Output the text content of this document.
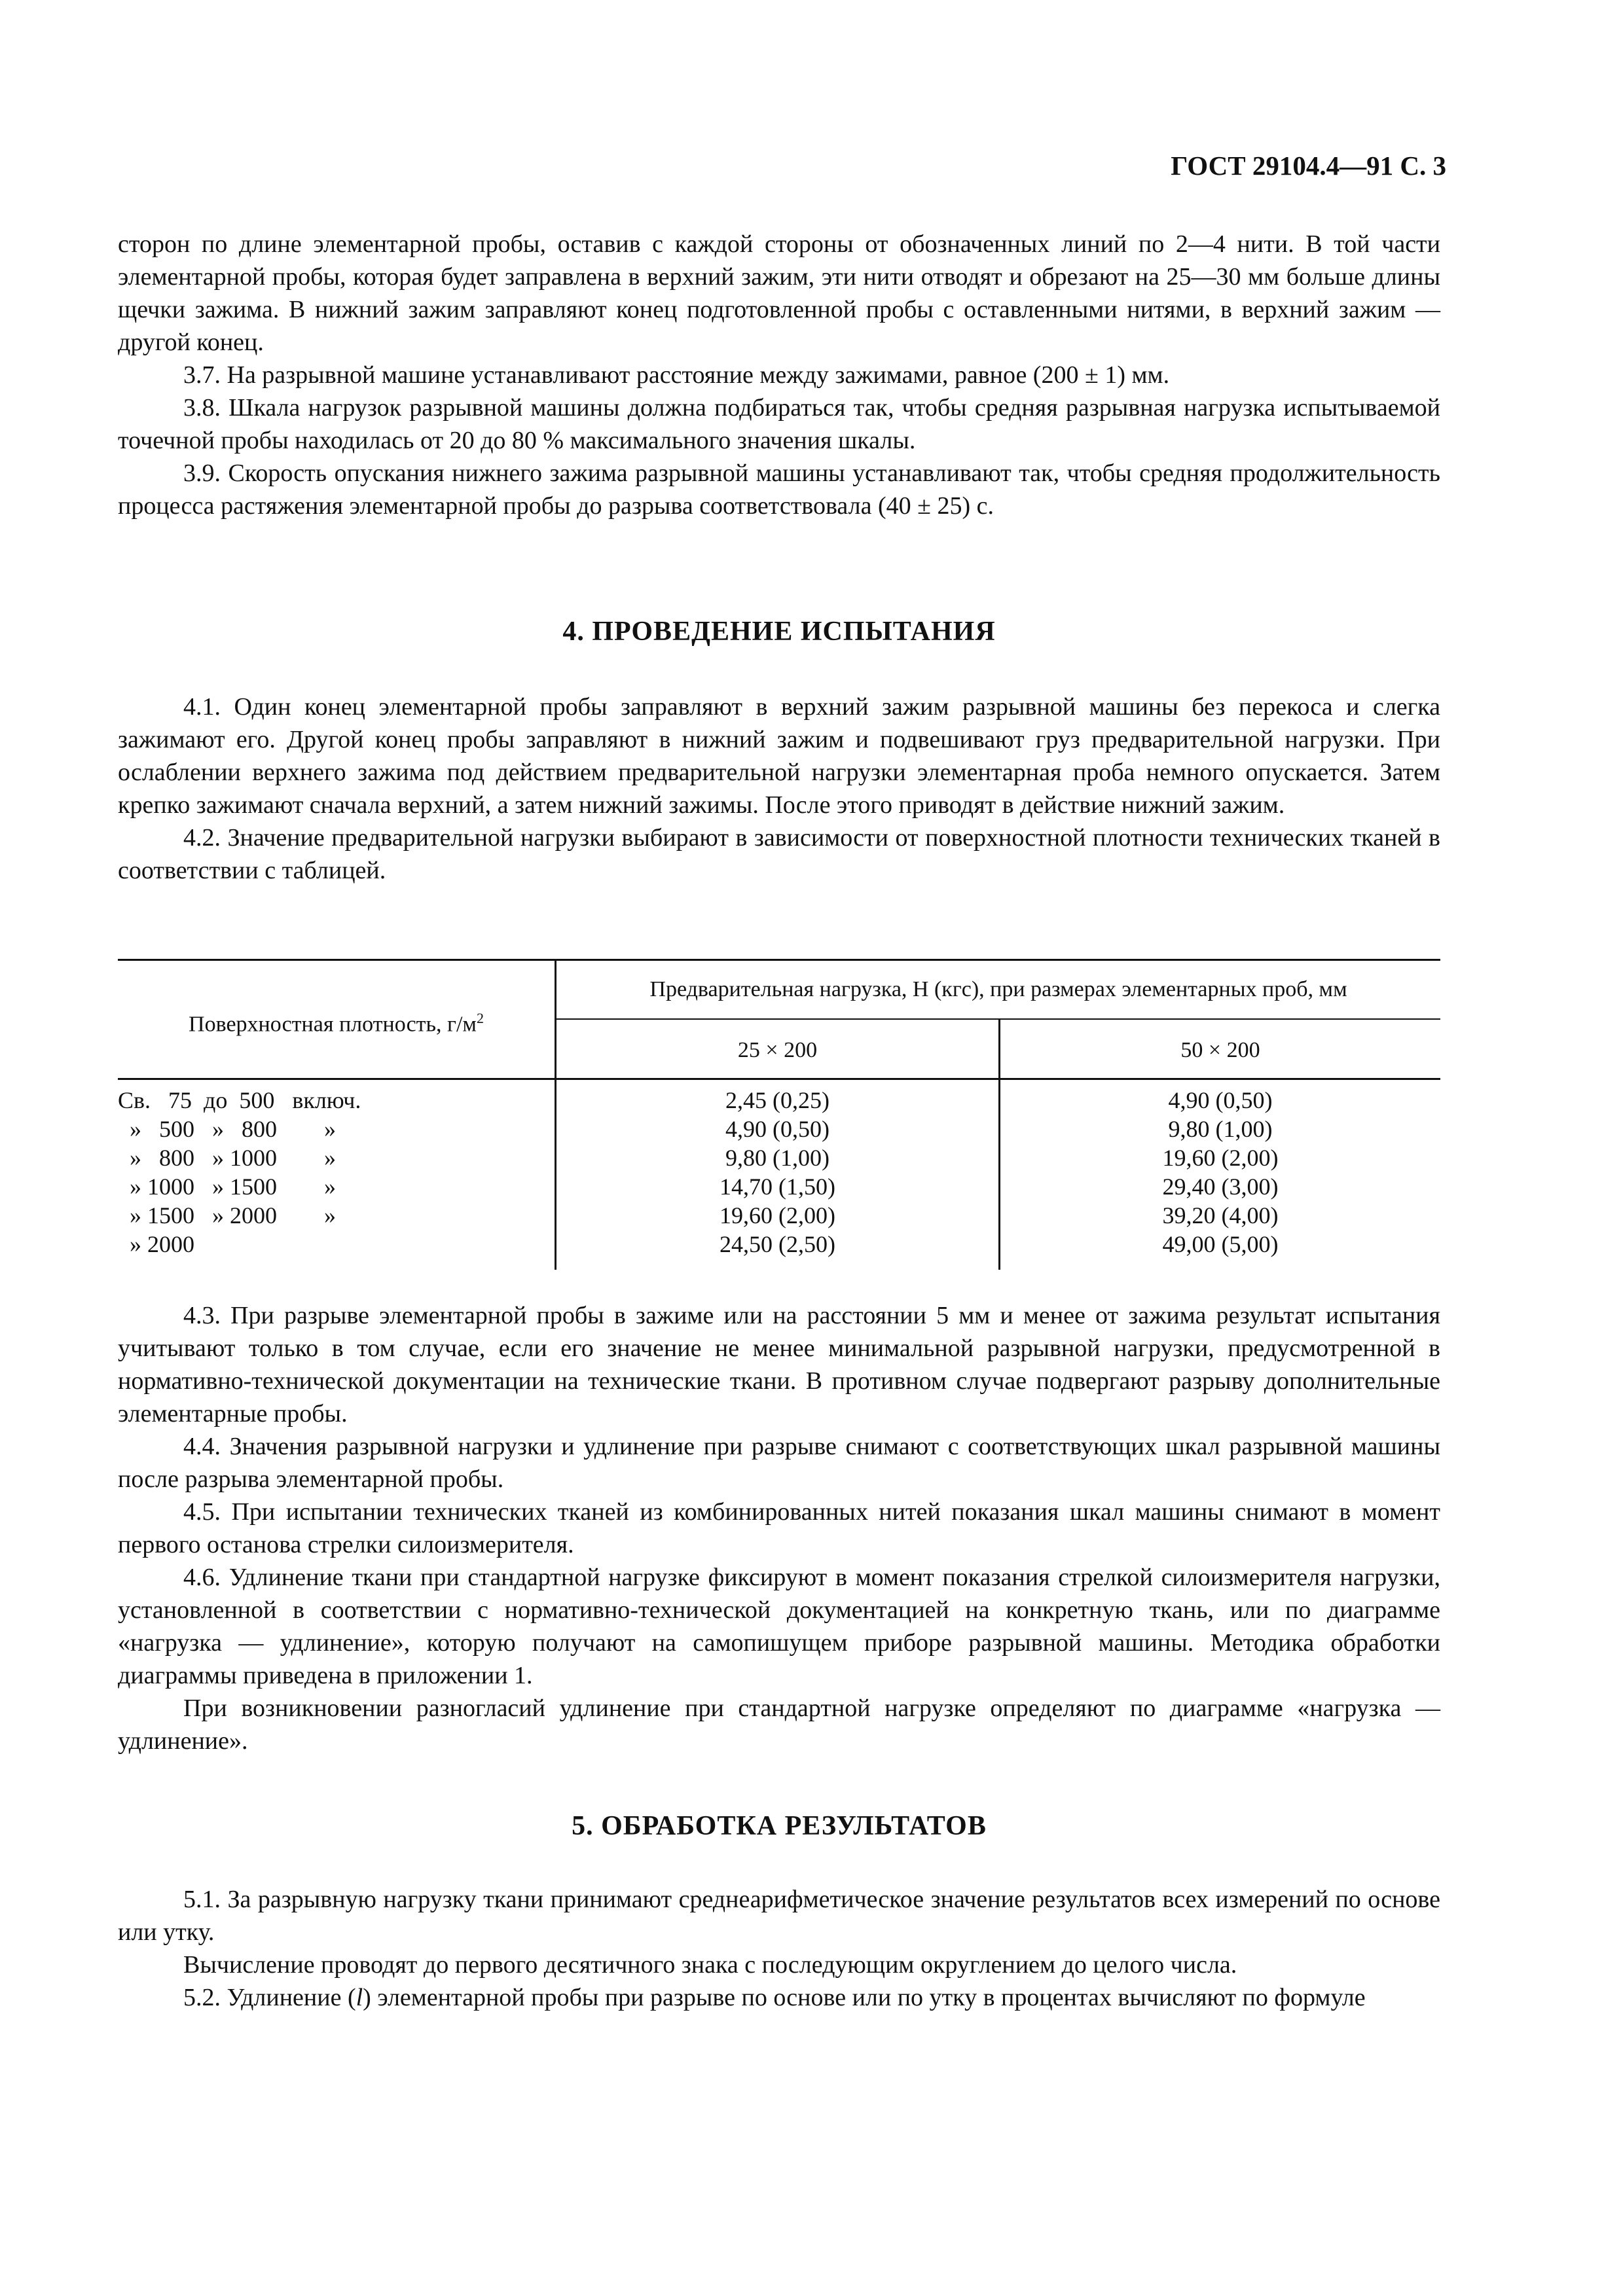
ГОСТ 29104.4—91 С. 3

сторон по длине элементарной пробы, оставив с каждой стороны от обозначенных линий по 2—4 нити. В той части элементарной пробы, которая будет заправлена в верхний зажим, эти нити отводят и обрезают на 25—30 мм больше длины щечки зажима. В нижний зажим заправляют конец подготовленной пробы с оставленными нитями, в верхний зажим — другой конец.

3.7. На разрывной машине устанавливают расстояние между зажимами, равное (200 ± 1) мм.

3.8. Шкала нагрузок разрывной машины должна подбираться так, чтобы средняя разрывная нагрузка испытываемой точечной пробы находилась от 20 до 80 % максимального значения шкалы.

3.9. Скорость опускания нижнего зажима разрывной машины устанавливают так, чтобы средняя продолжительность процесса растяжения элементарной пробы до разрыва соответствовала (40 ± 25) с.

4. ПРОВЕДЕНИЕ ИСПЫТАНИЯ

4.1. Один конец элементарной пробы заправляют в верхний зажим разрывной машины без перекоса и слегка зажимают его. Другой конец пробы заправляют в нижний зажим и подвешивают груз предварительной нагрузки. При ослаблении верхнего зажима под действием предварительной нагрузки элементарная проба немного опускается. Затем крепко зажимают сначала верхний, а затем нижний зажимы. После этого приводят в действие нижний зажим.

4.2. Значение предварительной нагрузки выбирают в зависимости от поверхностной плотности технических тканей в соответствии с таблицей.

Поверхностная плотность, $г/м^2$
Предварительная нагрузка, Н (кгс), при размерах элементарных проб, мм
25 × 200	50 × 200
Св.   75  до  500   включ.
»   500   »   800        »
»   800   » 1000        »
» 1000   » 1500        »
» 1500   » 2000        »
» 2000
2,45 (0,25)
4,90 (0,50)
9,80 (1,00)
14,70 (1,50)
19,60 (2,00)
24,50 (2,50)
4,90 (0,50)
9,80 (1,00)
19,60 (2,00)
29,40 (3,00)
39,20 (4,00)
49,00 (5,00)

4.3. При разрыве элементарной пробы в зажиме или на расстоянии 5 мм и менее от зажима результат испытания учитывают только в том случае, если его значение не менее минимальной разрывной нагрузки, предусмотренной в нормативно-технической документации на технические ткани. В противном случае подвергают разрыву дополнительные элементарные пробы.

4.4. Значения разрывной нагрузки и удлинение при разрыве снимают с соответствующих шкал разрывной машины после разрыва элементарной пробы.

4.5. При испытании технических тканей из комбинированных нитей показания шкал машины снимают в момент первого останова стрелки силоизмерителя.

4.6. Удлинение ткани при стандартной нагрузке фиксируют в момент показания стрелкой силоизмерителя нагрузки, установленной в соответствии с нормативно-технической документацией на конкретную ткань, или по диаграмме «нагрузка — удлинение», которую получают на самопишущем приборе разрывной машины. Методика обработки диаграммы приведена в приложении 1.

При возникновении разногласий удлинение при стандартной нагрузке определяют по диаграмме «нагрузка — удлинение».

5. ОБРАБОТКА РЕЗУЛЬТАТОВ

5.1. За разрывную нагрузку ткани принимают среднеарифметическое значение результатов всех измерений по основе или утку.

Вычисление проводят до первого десятичного знака с последующим округлением до целого числа.

5.2. Удлинение (l) элементарной пробы при разрыве по основе или по утку в процентах вычисляют по формуле
